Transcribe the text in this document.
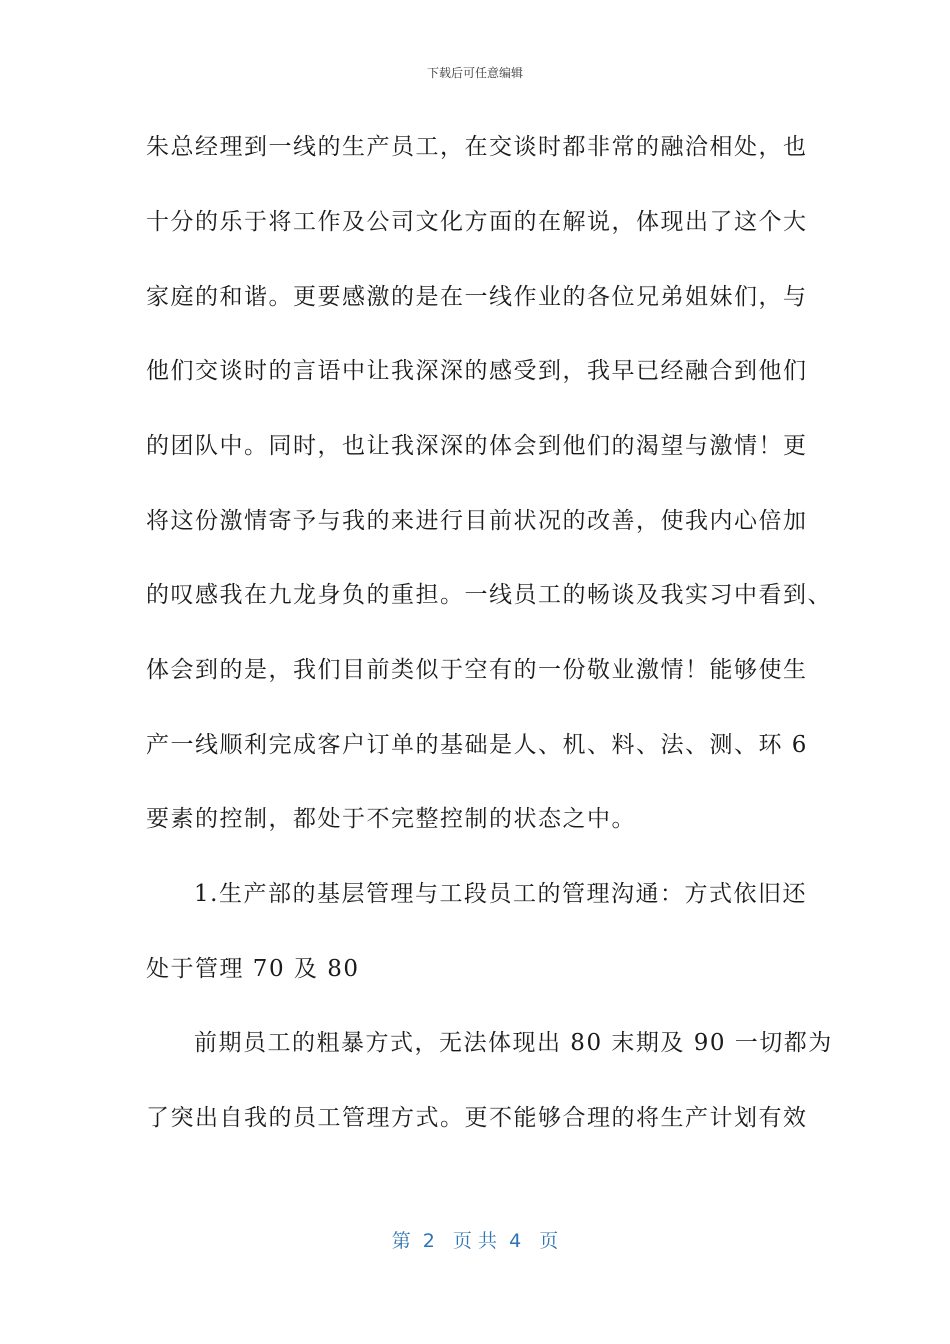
下载后可任意编辑
朱总经理到一线的生产员工，在交谈时都非常的融洽相处，也
十分的乐于将工作及公司文化方面的在解说，体现出了这个大
家庭的和谐。更要感激的是在一线作业的各位兄弟姐妹们，与
他们交谈时的言语中让我深深的感受到，我早已经融合到他们
的团队中。同时，也让我深深的体会到他们的渴望与激情！更
将这份激情寄予与我的来进行目前状况的改善，使我内心倍加
的叹感我在九龙身负的重担。一线员工的畅谈及我实习中看到、
体会到的是，我们目前类似于空有的一份敬业激情！能够使生
产一线顺利完成客户订单的基础是人、机、料、法、测、环 6
要素的控制，都处于不完整控制的状态之中。
1.生产部的基层管理与工段员工的管理沟通：方式依旧还
处于管理 70 及 80
前期员工的粗暴方式，无法体现出 80 末期及 90 一切都为
了突出自我的员工管理方式。更不能够合理的将生产计划有效
第  2   页 共  4   页
